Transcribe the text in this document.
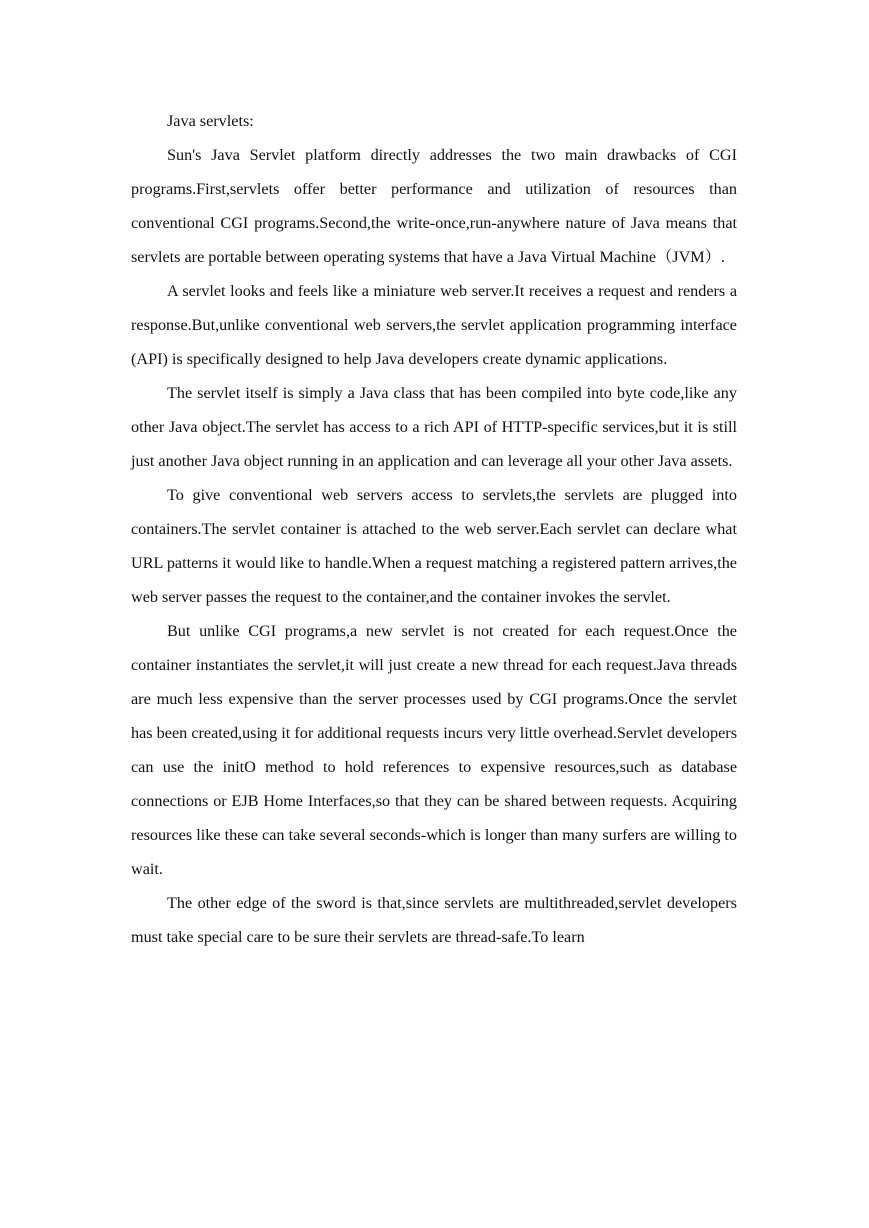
Java servlets:

Sun's Java Servlet platform directly addresses the two main drawbacks of CGI programs.First,servlets offer better performance and utilization of resources than conventional CGI programs.Second,the write-once,run-anywhere nature of Java means that servlets are portable between operating systems that have a Java Virtual Machine（JVM）.

A servlet looks and feels like a miniature web server.It receives a request and renders a response.But,unlike conventional web servers,the servlet application programming interface (API) is specifically designed to help Java developers create dynamic applications.

The servlet itself is simply a Java class that has been compiled into byte code,like any other Java object.The servlet has access to a rich API of HTTP-specific services,but it is still just another Java object running in an application and can leverage all your other Java assets.

To give conventional web servers access to servlets,the servlets are plugged into containers.The servlet container is attached to the web server.Each servlet can declare what URL patterns it would like to handle.When a request matching a registered pattern arrives,the web server passes the request to the container,and the container invokes the servlet.

But unlike CGI programs,a new servlet is not created for each request.Once the container instantiates the servlet,it will just create a new thread for each request.Java threads are much less expensive than the server processes used by CGI programs.Once the servlet has been created,using it for additional requests incurs very little overhead.Servlet developers can use the initO method to hold references to expensive resources,such as database connections or EJB Home Interfaces,so that they can be shared between requests. Acquiring resources like these can take several seconds-which is longer than many surfers are willing to wait.

The other edge of the sword is that,since servlets are multithreaded,servlet developers must take special care to be sure their servlets are thread-safe.To learn
